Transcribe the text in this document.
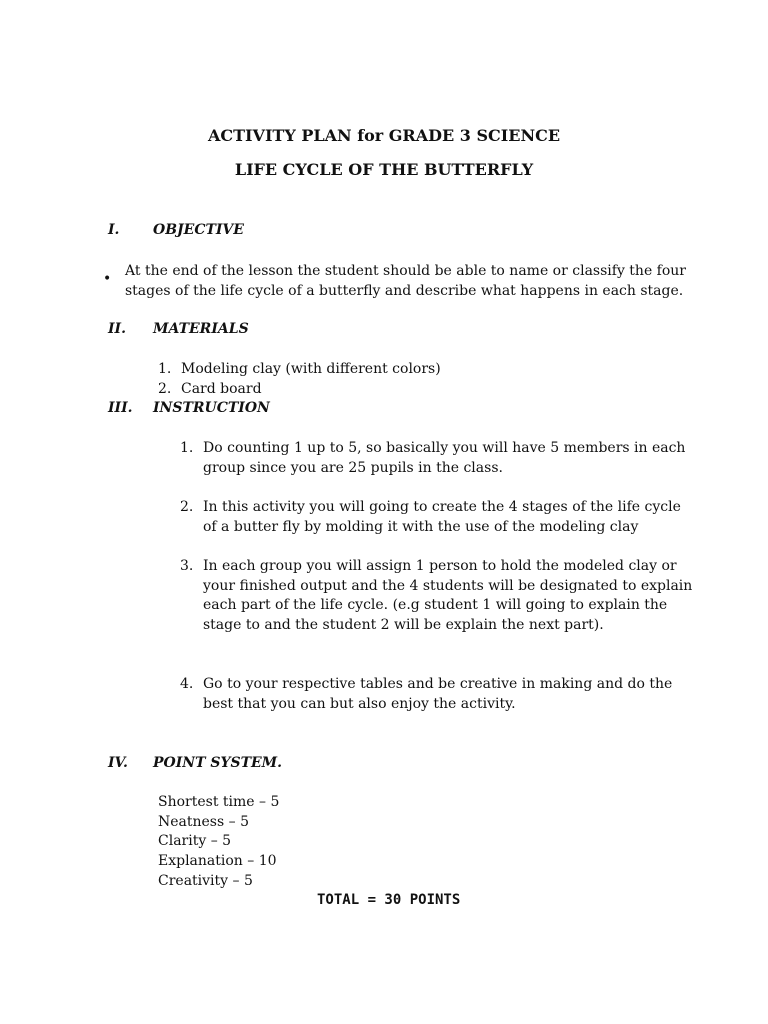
ACTIVITY PLAN for GRADE 3 SCIENCE
LIFE CYCLE OF THE BUTTERFLY
I. OBJECTIVE
• At the end of the lesson the student should be able to name or classify the four stages of the life cycle of a butterfly and describe what happens in each stage.
II. MATERIALS
1. Modeling clay (with different colors)
2. Card board
III. INSTRUCTION
1. Do counting 1 up to 5, so basically you will have 5 members in each group since you are 25 pupils in the class.
2. In this activity you will going to create the 4 stages of the life cycle of a butter fly by molding it with the use of the modeling clay
3. In each group you will assign 1 person to hold the modeled clay or your finished output and the 4 students will be designated to explain each part of the life cycle. (e.g student 1 will going to explain the stage to and the student 2 will be explain the next part).
4. Go to your respective tables and be creative in making and do the best that you can but also enjoy the activity.
IV. POINT SYSTEM.
Shortest time – 5
Neatness – 5
Clarity – 5
Explanation – 10
Creativity – 5
TOTAL = 30 POINTS
